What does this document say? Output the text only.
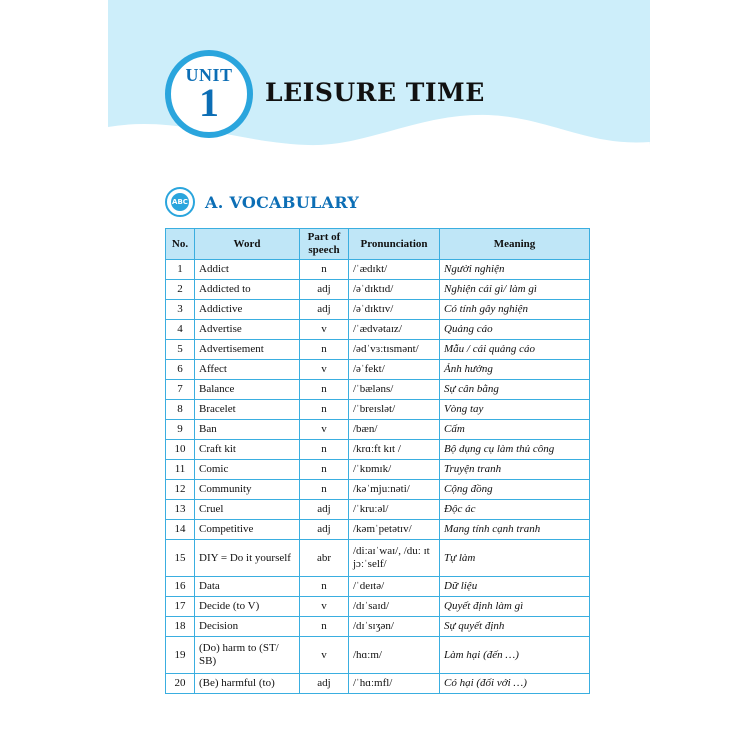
UNIT
1 LEISURE TIME
ABC A. VOCABULARY
No.	Word	Part of speech	Pronunciation	Meaning
1	Addict	n	/ˈædɪkt/	Người nghiện
2	Addicted to	adj	/əˈdɪktɪd/	Nghiện cái gì/ làm gì
3	Addictive	adj	/əˈdɪktɪv/	Có tính gây nghiện
4	Advertise	v	/ˈædvətaɪz/	Quảng cáo
5	Advertisement	n	/ədˈvɜːtɪsmənt/	Mẫu / cái quảng cáo
6	Affect	v	/əˈfekt/	Ảnh hưởng
7	Balance	n	/ˈbæləns/	Sự cân bằng
8	Bracelet	n	/ˈbreɪslət/	Vòng tay
9	Ban	v	/bæn/	Cấm
10	Craft kit	n	/krɑːft kɪt /	Bộ dụng cụ làm thủ công
11	Comic	n	/ˈkɒmɪk/	Truyện tranh
12	Community	n	/kəˈmjuːnəti/	Cộng đồng
13	Cruel	adj	/ˈkruːəl/	Độc ác
14	Competitive	adj	/kəmˈpetətɪv/	Mang tính cạnh tranh
15	DIY = Do it yourself	abr	/diːaɪˈwaɪ/, /duː ɪt jɔːˈself/	Tự làm
16	Data	n	/ˈdeɪtə/	Dữ liệu
17	Decide (to V)	v	/dɪˈsaɪd/	Quyết định làm gì
18	Decision	n	/dɪˈsɪʒən/	Sự quyết định
19	(Do) harm to (ST/ SB)	v	/hɑːm/	Làm hại (đến …)
20	(Be) harmful (to)	adj	/ˈhɑːmfl/	Có hại (đối với …)
